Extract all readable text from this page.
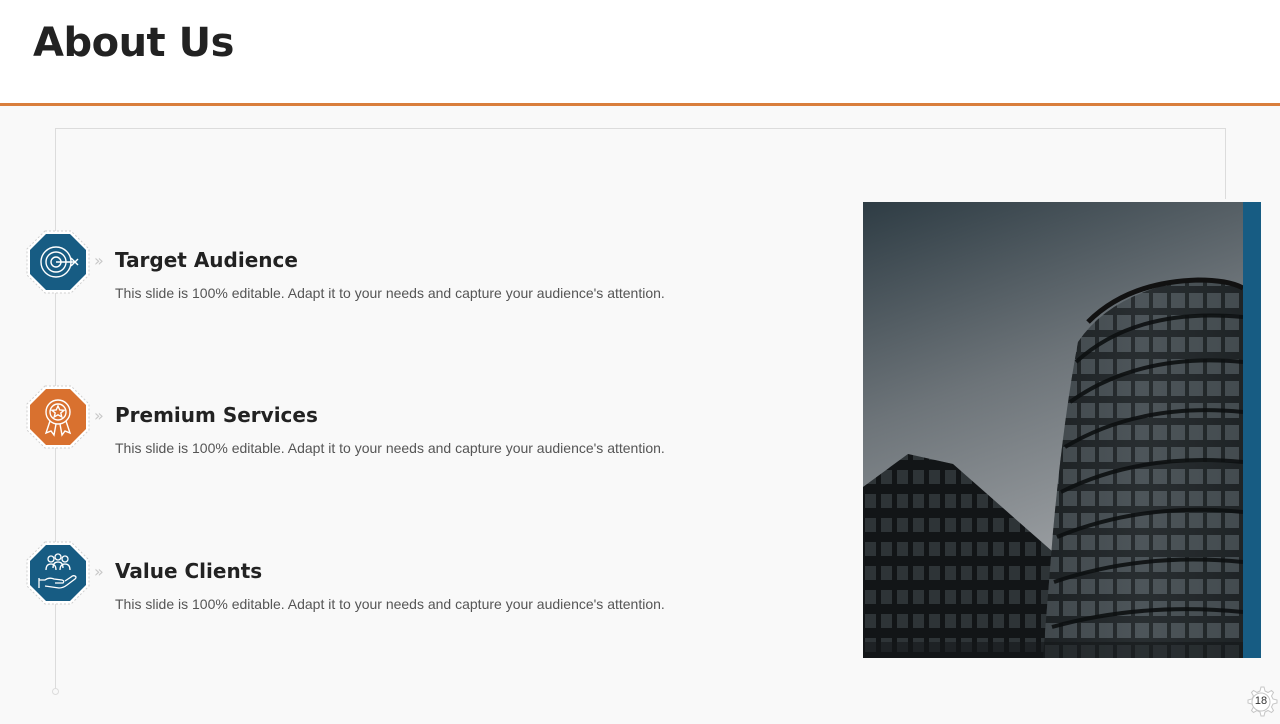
About Us
» Target Audience

This slide is 100% editable. Adapt it to your needs and capture your audience's attention.

» Premium Services

This slide is 100% editable. Adapt it to your needs and capture your audience's attention.

» Value Clients

This slide is 100% editable. Adapt it to your needs and capture your audience's attention.

18
